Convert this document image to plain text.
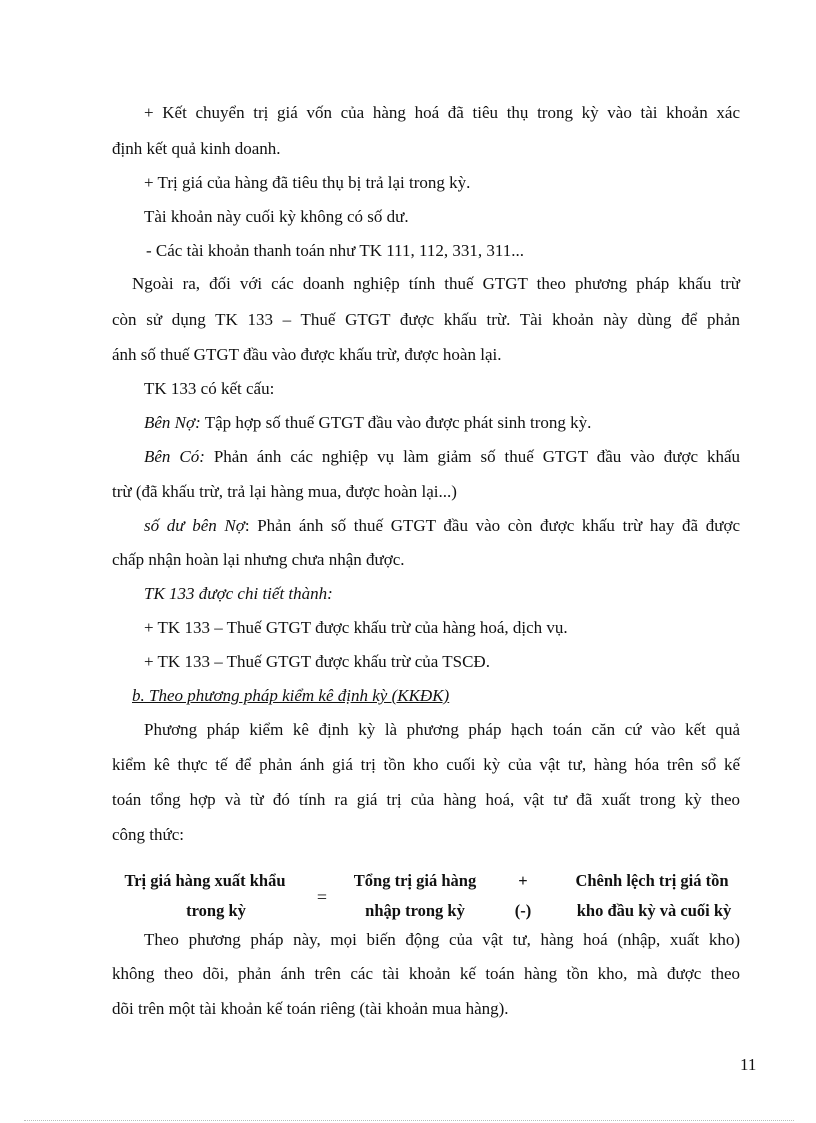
+ Kết chuyển trị giá vốn của hàng hoá đã tiêu thụ trong kỳ vào tài khoản xác
định kết quả kinh doanh.
+ Trị giá của hàng đã tiêu thụ bị trả lại trong kỳ.
Tài khoản này cuối kỳ không có số dư.
- Các tài khoản thanh toán như TK 111, 112, 331, 311...
Ngoài ra, đối với các doanh nghiệp tính thuế GTGT theo phương pháp khấu trừ
còn sử dụng TK 133 – Thuế GTGT được khấu trừ. Tài khoản này dùng để phản
ánh số thuế GTGT đầu vào được khấu trừ, được hoàn lại.
TK 133 có kết cấu:
Bên Nợ: Tập hợp số thuế GTGT đầu vào được phát sinh trong kỳ.
Bên Có: Phản ánh các nghiệp vụ làm giảm số thuế GTGT đầu vào được khấu
trừ (đã khấu trừ, trả lại hàng mua, được hoàn lại...)
số dư bên Nợ: Phản ánh số thuế GTGT đầu vào còn được khấu trừ hay đã được
chấp nhận hoàn lại nhưng chưa nhận được.
TK 133 được chi tiết thành:
+ TK 133 – Thuế GTGT được khấu trừ của hàng hoá, dịch vụ.
+ TK 133 – Thuế GTGT được khấu trừ của TSCĐ.
b. Theo phương pháp kiểm kê định kỳ (KKĐK)
Phương pháp kiểm kê định kỳ là phương pháp hạch toán căn cứ vào kết quả
kiểm kê thực tế để phản ánh giá trị tồn kho cuối kỳ của vật tư, hàng hóa trên sổ kế
toán tổng hợp và từ đó tính ra giá trị của hàng hoá, vật tư đã xuất trong kỳ theo
công thức:
Trị giá hàng xuất khẩu
trong kỳ
=
Tổng trị giá hàng
nhập trong kỳ
+
(-)
Chênh lệch trị giá tồn
kho đầu kỳ và cuối kỳ
Theo phương pháp này, mọi biến động của vật tư, hàng hoá (nhập, xuất kho)
không theo dõi, phản ánh trên các tài khoản kế toán hàng tồn kho, mà được theo
dõi trên một tài khoản kế toán riêng (tài khoản mua hàng).
11
